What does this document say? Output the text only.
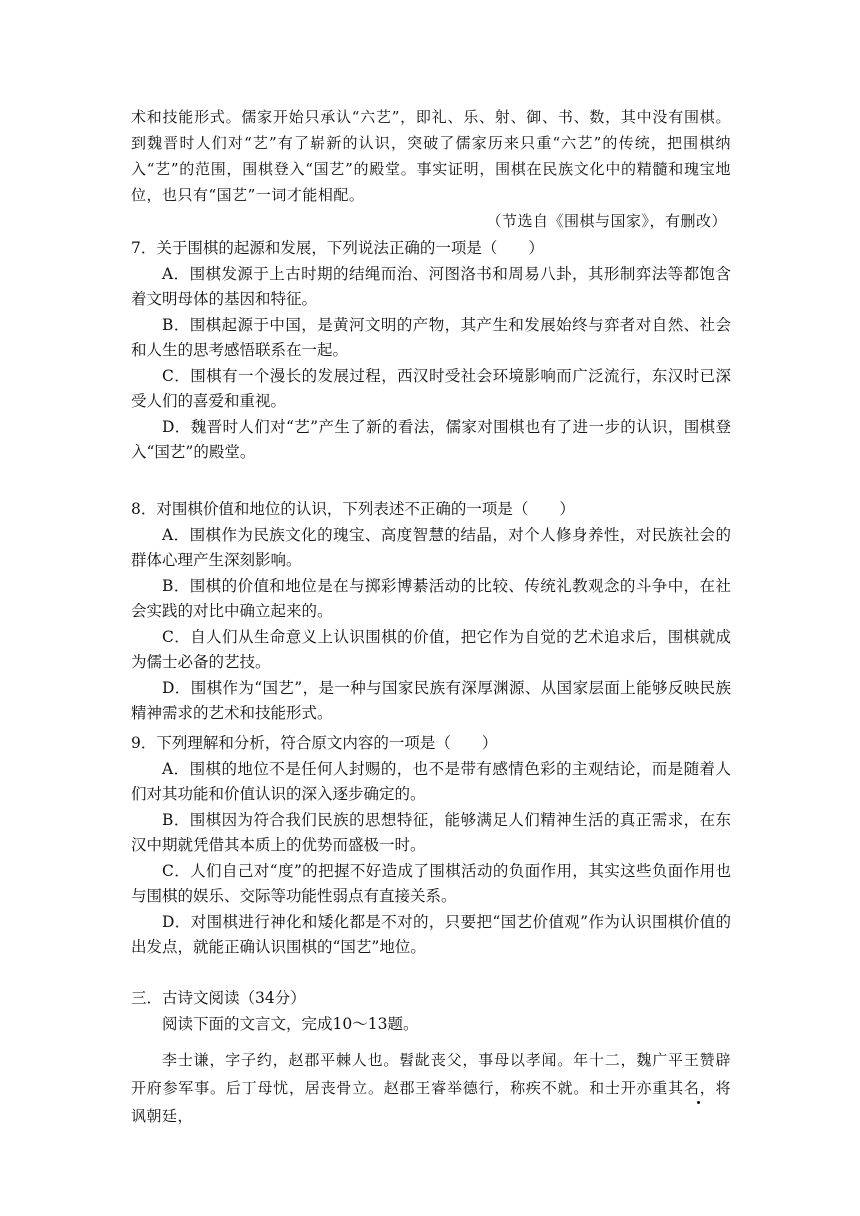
术和技能形式。儒家开始只承认“六艺”，即礼、乐、射、御、书、数，其中没有围棋。到魏晋时人们对“艺”有了崭新的认识，突破了儒家历来只重“六艺”的传统，把围棋纳入“艺”的范围，围棋登入“国艺”的殿堂。事实证明，围棋在民族文化中的精髓和瑰宝地位，也只有“国艺”一词才能相配。

（节选自《围棋与国家》，有删改）

7．关于围棋的起源和发展，下列说法正确的一项是（　　）

A．围棋发源于上古时期的结绳而治、河图洛书和周易八卦，其形制弈法等都饱含着文明母体的基因和特征。

B．围棋起源于中国，是黄河文明的产物，其产生和发展始终与弈者对自然、社会和人生的思考感悟联系在一起。

C．围棋有一个漫长的发展过程，西汉时受社会环境影响而广泛流行，东汉时已深受人们的喜爱和重视。

D．魏晋时人们对“艺”产生了新的看法，儒家对围棋也有了进一步的认识，围棋登入“国艺”的殿堂。

8．对围棋价值和地位的认识，下列表述不正确的一项是（　　）

A．围棋作为民族文化的瑰宝、高度智慧的结晶，对个人修身养性，对民族社会的群体心理产生深刻影响。

B．围棋的价值和地位是在与掷彩博綦活动的比较、传统礼教观念的斗争中，在社会实践的对比中确立起来的。

C．自人们从生命意义上认识围棋的价值，把它作为自觉的艺术追求后，围棋就成为儒士必备的艺技。

D．围棋作为“国艺”，是一种与国家民族有深厚渊源、从国家层面上能够反映民族精神需求的艺术和技能形式。

9．下列理解和分析，符合原文内容的一项是（　　）

A．围棋的地位不是任何人封赐的，也不是带有感情色彩的主观结论，而是随着人们对其功能和价值认识的深入逐步确定的。

B．围棋因为符合我们民族的思想特征，能够满足人们精神生活的真正需求，在东汉中期就凭借其本质上的优势而盛极一时。

C．人们自己对“度”的把握不好造成了围棋活动的负面作用，其实这些负面作用也与围棋的娱乐、交际等功能性弱点有直接关系。

D．对围棋进行神化和矮化都是不对的，只要把“国艺价值观”作为认识围棋价值的出发点，就能正确认识围棋的“国艺”地位。

三．古诗文阅读（34分）

阅读下面的文言文，完成10～13题。

李士谦，字子约，赵郡平棘人也。髫龀丧父，事母以孝闻。年十二，魏广平王赞辟开府参军事。后丁母忧，居丧骨立。赵郡王睿举德行，称疾不就。和士开亦重其名，将讽朝廷，
